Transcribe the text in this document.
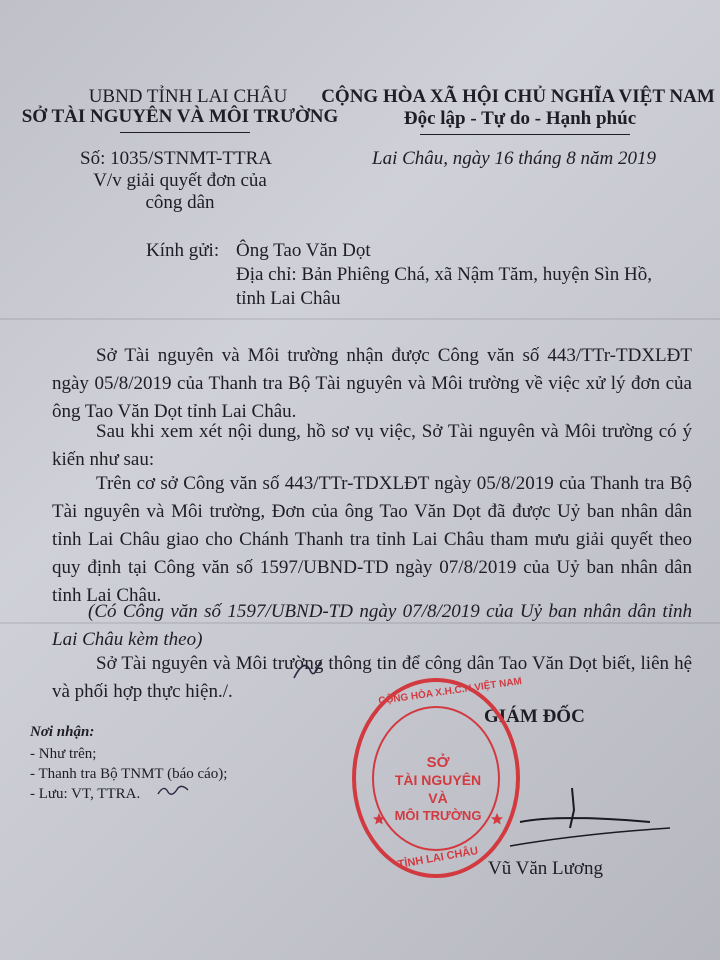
UBND TỈNH LAI CHÂU
SỞ TÀI NGUYÊN VÀ MÔI TRƯỜNG
CỘNG HÒA XÃ HỘI CHỦ NGHĨA VIỆT NAM
Độc lập - Tự do - Hạnh phúc
Số: 1035/STNMT-TTRA
V/v giải quyết đơn của
công dân
Lai Châu, ngày 16 tháng 8 năm 2019
Kính gửi: Ông Tao Văn Dọt
Địa chỉ: Bản Phiêng Chá, xã Nậm Tăm, huyện Sìn Hồ,
tỉnh Lai Châu
Sở Tài nguyên và Môi trường nhận được Công văn số 443/TTr-TDXLĐT ngày 05/8/2019 của Thanh tra Bộ Tài nguyên và Môi trường về việc xử lý đơn của ông Tao Văn Dọt tỉnh Lai Châu.
Sau khi xem xét nội dung, hồ sơ vụ việc, Sở Tài nguyên và Môi trường có ý kiến như sau:
Trên cơ sở Công văn số 443/TTr-TDXLĐT ngày 05/8/2019 của Thanh tra Bộ Tài nguyên và Môi trường, Đơn của ông Tao Văn Dọt đã được Uỷ ban nhân dân tỉnh Lai Châu giao cho Chánh Thanh tra tỉnh Lai Châu tham mưu giải quyết theo quy định tại Công văn số 1597/UBND-TD ngày 07/8/2019 của Uỷ ban nhân dân tỉnh Lai Châu.
(Có Công văn số 1597/UBND-TD ngày 07/8/2019 của Uỷ ban nhân dân tỉnh Lai Châu kèm theo)
Sở Tài nguyên và Môi trường thông tin để công dân Tao Văn Dọt biết, liên hệ và phối hợp thực hiện./.
Nơi nhận:
- Như trên;
- Thanh tra Bộ TNMT (báo cáo);
- Lưu: VT, TTRA.
GIÁM ĐỐC
CỘNG HÒA X.H.C.N VIỆT NAM
SỞ
TÀI NGUYÊN
VÀ
MÔI TRƯỜNG
TỈNH LAI CHÂU Vũ Văn Lương
